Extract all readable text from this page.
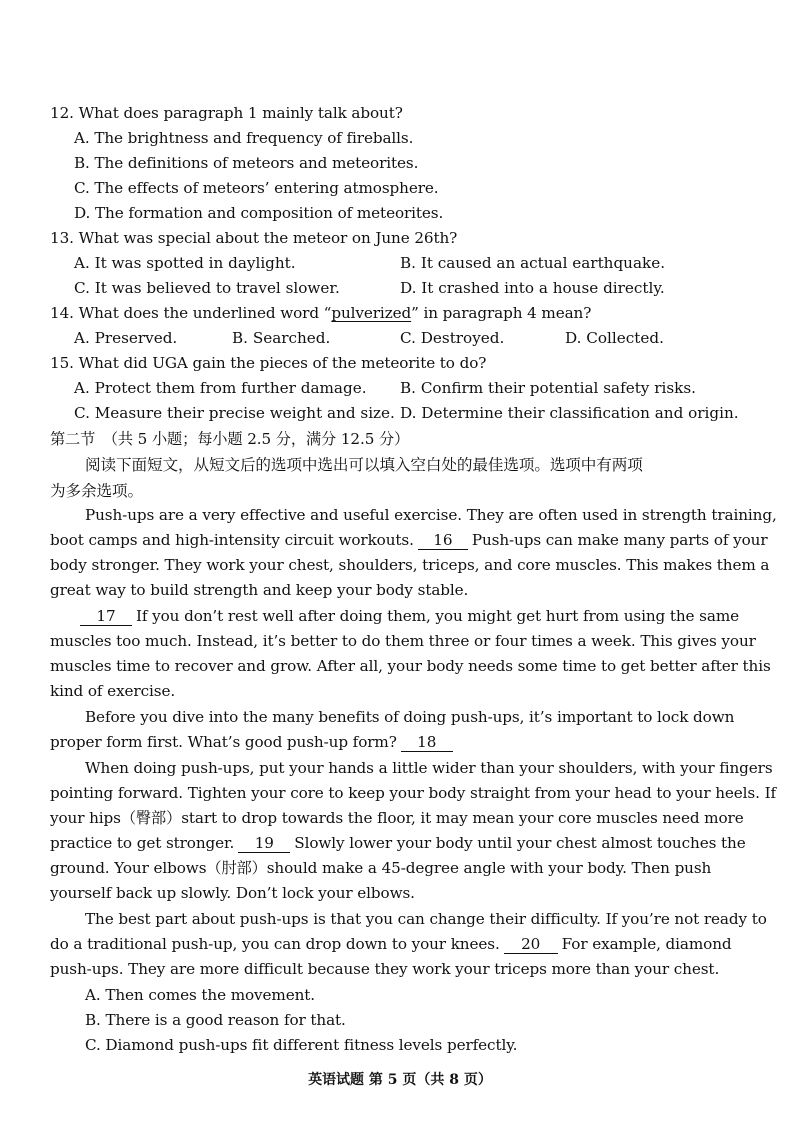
12. What does paragraph 1 mainly talk about?
A. The brightness and frequency of fireballs.
B. The definitions of meteors and meteorites.
C. The effects of meteors’ entering atmosphere.
D. The formation and composition of meteorites.
13. What was special about the meteor on June 26th?
A. It was spotted in daylight.	B. It caused an actual earthquake.
C. It was believed to travel slower.	D. It crashed into a house directly.
14. What does the underlined word “pulverized” in paragraph 4 mean?
A. Preserved.	B. Searched.	C. Destroyed.	D. Collected.
15. What did UGA gain the pieces of the meteorite to do?
A. Protect them from further damage. B. Confirm their potential safety risks.
C. Measure their precise weight and size. D. Determine their classification and origin.
第二节　（共 5 小题；每小题 2.5 分，满分 12.5 分）
阅读下面短文，从短文后的选项中选出可以填入空白处的最佳选项。选项中有两项
为多余选项。
Push-ups are a very effective and useful exercise. They are often used in strength training,
boot camps and high-intensity circuit workouts. 16 Push-ups can make many parts of your
body stronger. They work your chest, shoulders, triceps, and core muscles. This makes them a
great way to build strength and keep your body stable.
17 If you don’t rest well after doing them, you might get hurt from using the same
muscles too much. Instead, it’s better to do them three or four times a week. This gives your
muscles time to recover and grow. After all, your body needs some time to get better after this
kind of exercise.
Before you dive into the many benefits of doing push-ups, it’s important to lock down
proper form first. What’s good push-up form? 18
When doing push-ups, put your hands a little wider than your shoulders, with your fingers
pointing forward. Tighten your core to keep your body straight from your head to your heels. If
your hips（臀部）start to drop towards the floor, it may mean your core muscles need more
practice to get stronger. 19 Slowly lower your body until your chest almost touches the
ground. Your elbows（肘部）should make a 45-degree angle with your body. Then push
yourself back up slowly. Don’t lock your elbows.
The best part about push-ups is that you can change their difficulty. If you’re not ready to
do a traditional push-up, you can drop down to your knees. 20 For example, diamond
push-ups. They are more difficult because they work your triceps more than your chest.
A. Then comes the movement.
B. There is a good reason for that.
C. Diamond push-ups fit different fitness levels perfectly.
英语试题 第 5 页（共 8 页）
